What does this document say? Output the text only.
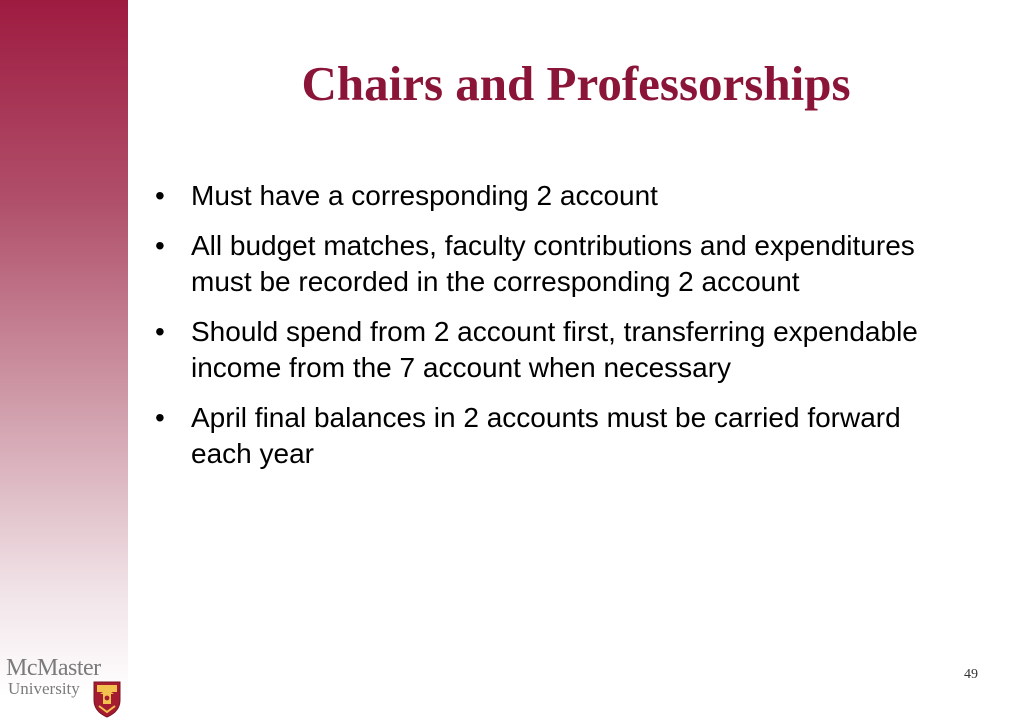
Chairs and Professorships
• Must have a corresponding 2 account
• All budget matches, faculty contributions and expenditures must be recorded in the corresponding 2 account
• Should spend from 2 account first, transferring expendable income from the 7 account when necessary
• April final balances in 2 accounts must be carried forward each year
McMaster
University
49
